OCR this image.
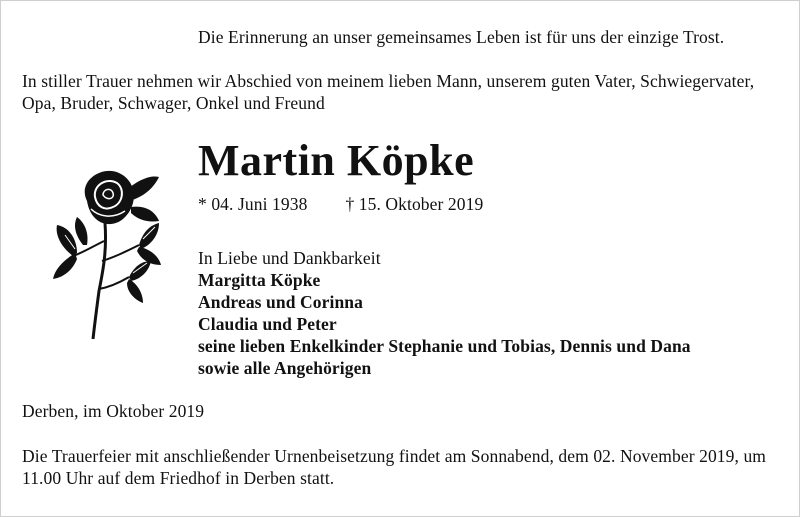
Die Erinnerung an unser gemeinsames Leben ist für uns der einzige Trost.
In stiller Trauer nehmen wir Abschied von meinem lieben Mann, unserem guten Vater, Schwiegervater, Opa, Bruder, Schwager, Onkel und Freund
Martin Köpke
* 04. Juni 1938 † 15. Oktober 2019
In Liebe und Dankbarkeit
Margitta Köpke
Andreas und Corinna
Claudia und Peter
seine lieben Enkelkinder Stephanie und Tobias, Dennis und Dana
sowie alle Angehörigen
Derben, im Oktober 2019
Die Trauerfeier mit anschließender Urnenbeisetzung findet am Sonnabend, dem 02. November 2019, um 11.00 Uhr auf dem Friedhof in Derben statt.
